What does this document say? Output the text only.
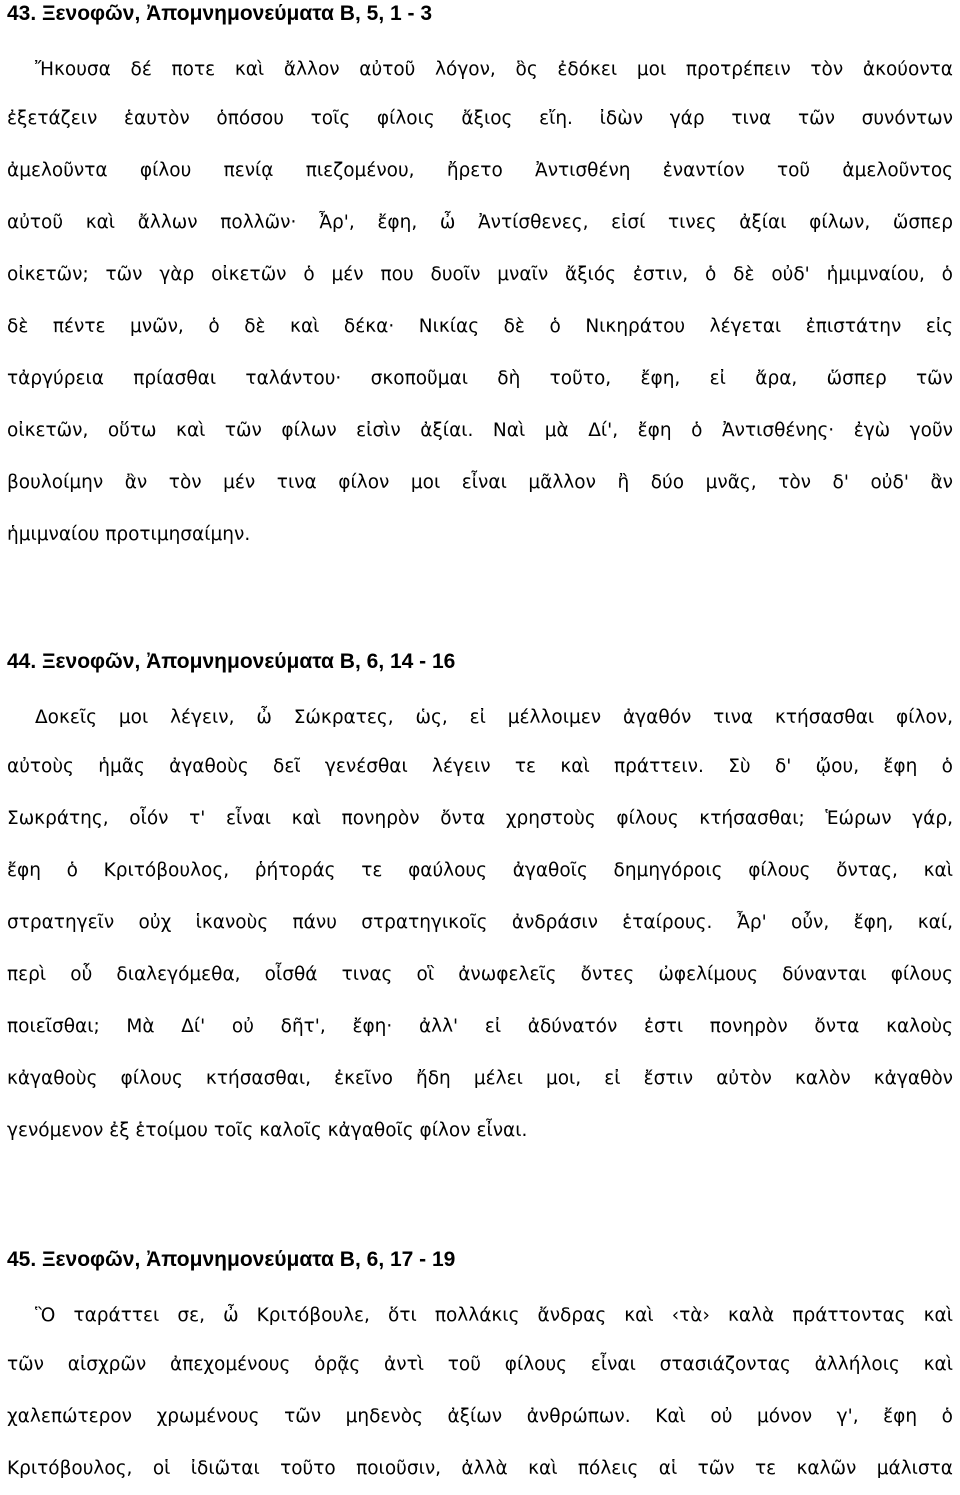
43. Ξενοφῶν, Ἀπομνημονεύματα Β, 5, 1 - 3
Ἤκουσα δέ ποτε καὶ ἄλλον αὐτοῦ λόγον, ὃς ἐδόκει μοι προτρέπειν τὸν ἀκούοντα
ἐξετάζειν ἑαυτὸν ὁπόσου τοῖς φίλοις ἄξιος εἴη. ἰδὼν γάρ τινα τῶν συνόντων
ἀμελοῦντα φίλου πενίᾳ πιεζομένου, ἤρετο Ἀντισθένη ἐναντίον τοῦ ἀμελοῦντος
αὐτοῦ καὶ ἄλλων πολλῶν· Ἆρ', ἔφη, ὦ Ἀντίσθενες, εἰσί τινες ἀξίαι φίλων, ὥσπερ
οἰκετῶν; τῶν γὰρ οἰκετῶν ὁ μέν που δυοῖν μναῖν ἄξιός ἐστιν, ὁ δὲ οὐδ' ἡμιμναίου, ὁ
δὲ πέντε μνῶν, ὁ δὲ καὶ δέκα· Νικίας δὲ ὁ Νικηράτου λέγεται ἐπιστάτην εἰς
τἀργύρεια πρίασθαι ταλάντου· σκοποῦμαι δὴ τοῦτο, ἔφη, εἰ ἄρα, ὥσπερ τῶν
οἰκετῶν, οὕτω καὶ τῶν φίλων εἰσὶν ἀξίαι. Ναὶ μὰ Δί', ἔφη ὁ Ἀντισθένης· ἐγὼ γοῦν
βουλοίμην ἂν τὸν μέν τινα φίλον μοι εἶναι μᾶλλον ἢ δύο μνᾶς, τὸν δ' οὐδ' ἂν
ἡμιμναίου προτιμησαίμην.
44. Ξενοφῶν, Ἀπομνημονεύματα Β, 6, 14 - 16
Δοκεῖς μοι λέγειν, ὦ Σώκρατες, ὡς, εἰ μέλλοιμεν ἀγαθόν τινα κτήσασθαι φίλον,
αὐτοὺς ἡμᾶς ἀγαθοὺς δεῖ γενέσθαι λέγειν τε καὶ πράττειν. Σὺ δ' ᾤου, ἔφη ὁ
Σωκράτης, οἷόν τ' εἶναι καὶ πονηρὸν ὄντα χρηστοὺς φίλους κτήσασθαι; Ἑώρων γάρ,
ἔφη ὁ Κριτόβουλος, ῥήτοράς τε φαύλους ἀγαθοῖς δημηγόροις φίλους ὄντας, καὶ
στρατηγεῖν οὐχ ἱκανοὺς πάνυ στρατηγικοῖς ἀνδράσιν ἑταίρους. Ἆρ' οὖν, ἔφη, καί,
περὶ οὗ διαλεγόμεθα, οἶσθά τινας οἳ ἀνωφελεῖς ὄντες ὠφελίμους δύνανται φίλους
ποιεῖσθαι; Μὰ Δί' οὐ δῆτ', ἔφη· ἀλλ' εἰ ἀδύνατόν ἐστι πονηρὸν ὄντα καλοὺς
κἀγαθοὺς φίλους κτήσασθαι, ἐκεῖνο ἤδη μέλει μοι, εἰ ἔστιν αὐτὸν καλὸν κἀγαθὸν
γενόμενον ἐξ ἑτοίμου τοῖς καλοῖς κἀγαθοῖς φίλον εἶναι.
45. Ξενοφῶν, Ἀπομνημονεύματα Β, 6, 17 - 19
Ὃ ταράττει σε, ὦ Κριτόβουλε, ὅτι πολλάκις ἄνδρας καὶ ‹τὰ› καλὰ πράττοντας καὶ
τῶν αἰσχρῶν ἀπεχομένους ὁρᾷς ἀντὶ τοῦ φίλους εἶναι στασιάζοντας ἀλλήλοις καὶ
χαλεπώτερον χρωμένους τῶν μηδενὸς ἀξίων ἀνθρώπων. Καὶ οὐ μόνον γ', ἔφη ὁ
Κριτόβουλος, οἱ ἰδιῶται τοῦτο ποιοῦσιν, ἀλλὰ καὶ πόλεις αἱ τῶν τε καλῶν μάλιστα
